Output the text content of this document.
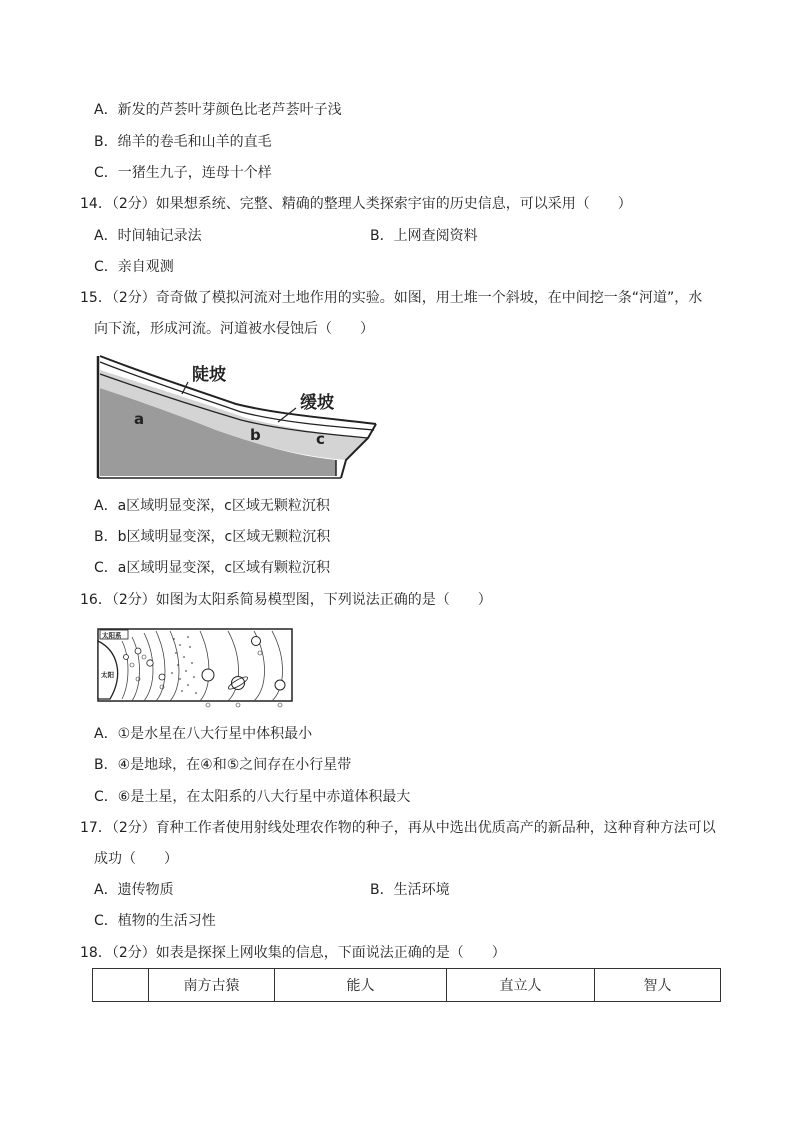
A．新发的芦荟叶芽颜色比老芦荟叶子浅
B．绵羊的卷毛和山羊的直毛
C．一猪生九子，连母十个样
14．（2分）如果想系统、完整、精确的整理人类探索宇宙的历史信息，可以采用（　　）
A．时间轴记录法	B．上网查阅资料
C．亲自观测
15．（2分）奇奇做了模拟河流对土地作用的实验。如图，用土堆一个斜坡，在中间挖一条“河道”，水
向下流，形成河流。河道被水侵蚀后（　　）
陡坡
缓坡
a
b	c
A．a区域明显变深，c区域无颗粒沉积
B．b区域明显变深，c区域无颗粒沉积
C．a区域明显变深，c区域有颗粒沉积
16．（2分）如图为太阳系简易模型图，下列说法正确的是（　　）
太阳系
太阳
A．①是水星在八大行星中体积最小
B．④是地球，在④和⑤之间存在小行星带
C．⑥是土星，在太阳系的八大行星中赤道体积最大
17．（2分）育种工作者使用射线处理农作物的种子，再从中选出优质高产的新品种，这种育种方法可以
成功（　　）
A．遗传物质	B．生活环境
C．植物的生活习性
18．（2分）如表是探探上网收集的信息，下面说法正确的是（　　）
	南方古猿	能人	直立人	智人
